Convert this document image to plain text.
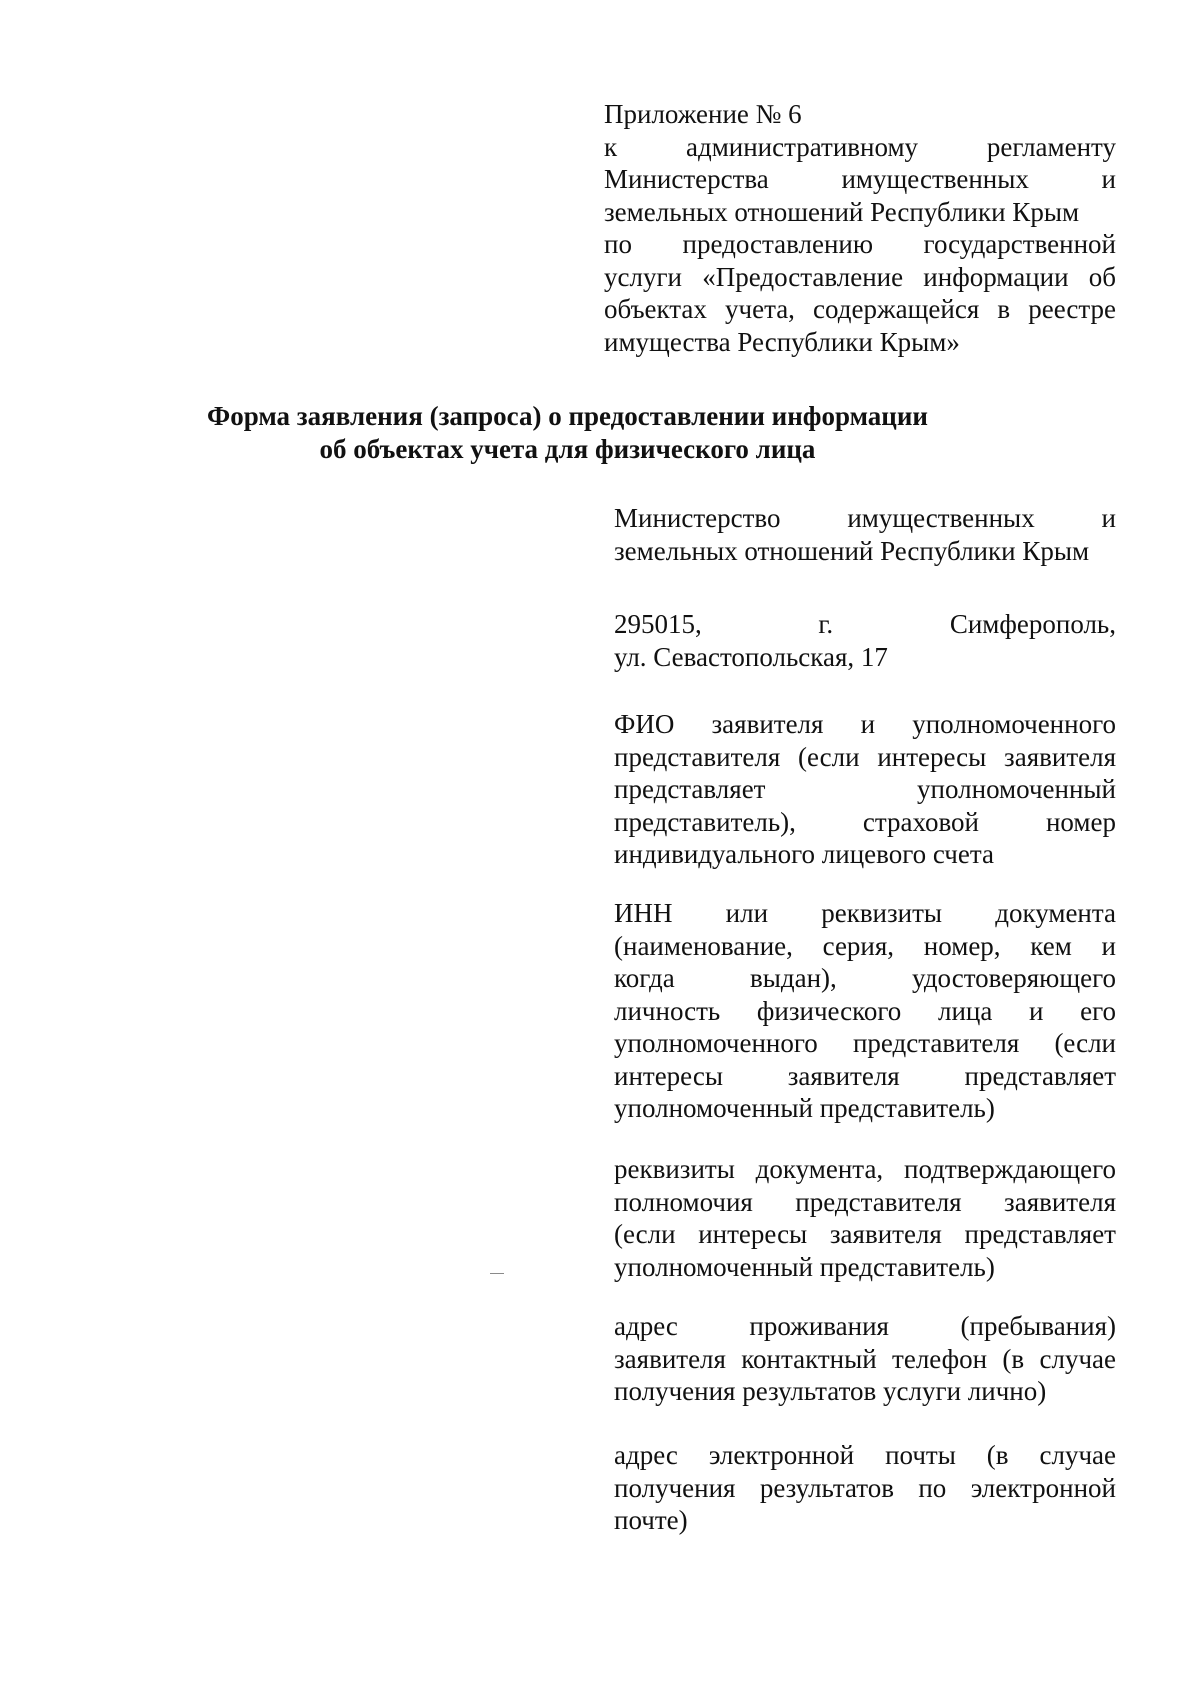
Приложение № 6
к административному регламенту
Министерства имущественных и
земельных отношений Республики Крым
по предоставлению государственной
услуги «Предоставление информации об
объектах учета, содержащейся в реестре
имущества Республики Крым»
Форма заявления (запроса) о предоставлении информации
об объектах учета для физического лица
Министерство имущественных и
земельных отношений Республики Крым
295015, г. Симферополь,
ул. Севастопольская, 17
ФИО заявителя и уполномоченного
представителя (если интересы заявителя
представляет уполномоченный
представитель), страховой номер
индивидуального лицевого счета
ИНН или реквизиты документа
(наименование, серия, номер, кем и
когда выдан), удостоверяющего
личность физического лица и его
уполномоченного представителя (если
интересы заявителя представляет
уполномоченный представитель)
реквизиты документа, подтверждающего
полномочия представителя заявителя
(если интересы заявителя представляет
уполномоченный представитель)
адрес проживания (пребывания)
заявителя контактный телефон (в случае
получения результатов услуги лично)
адрес электронной почты (в случае
получения результатов по электронной
почте)
